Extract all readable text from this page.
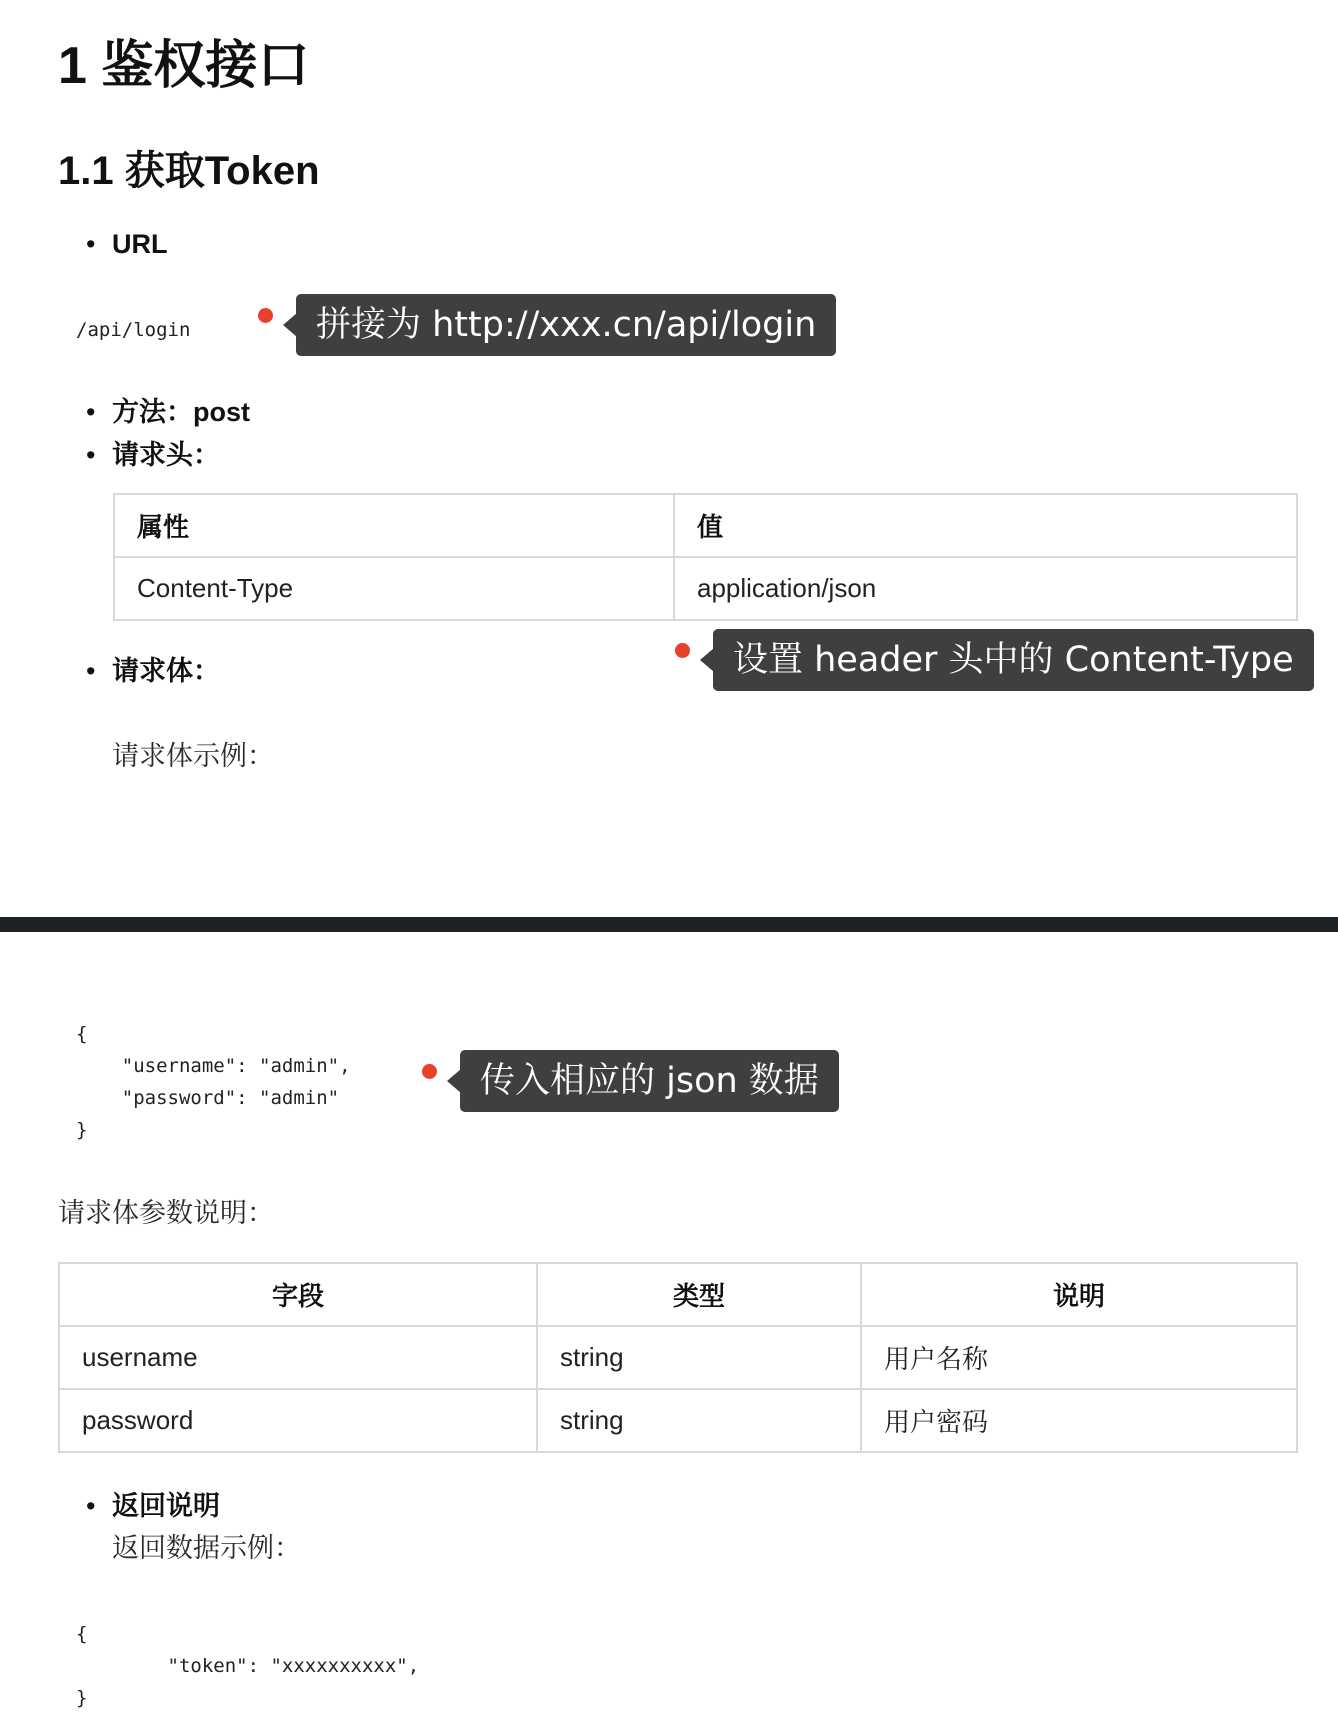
1 鉴权接口
1.1 获取Token
• URL
/api/login	拼接为 http://xxx.cn/api/login
• 方法：post
• 请求头：
属性	值
Content-Type	application/json
设置 header 头中的 Content-Type
• 请求体：
请求体示例：
{
"username": "admin",
"password": "admin"
}
传入相应的 json 数据
请求体参数说明：
字段	类型	说明
username	string	用户名称
password	string	用户密码
• 返回说明
返回数据示例：
{
"token": "xxxxxxxxxx",
}
